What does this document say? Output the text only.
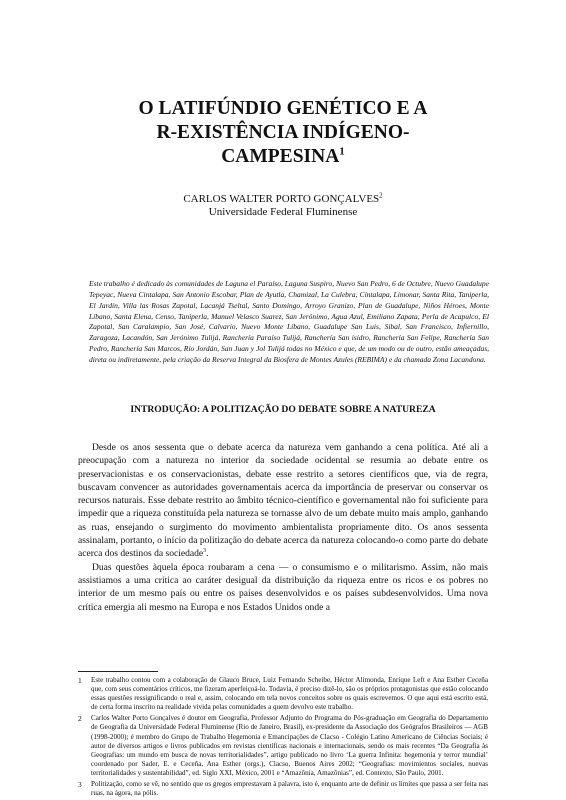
O LATIFÚNDIO GENÉTICO E A
R-EXISTÊNCIA INDÍGENO-
CAMPESINA$^1$
CARLOS WALTER PORTO GONÇALVES$^2$
Universidade Federal Fluminense
Este trabalho é dedicado às comunidades de Laguna el Paraíso, Laguna Suspiro, Nuevo San Pedro, 6 de Octubre, Nuevo Guadalupe Tepeyac, Nueva Cintalapa, San Antonio Escobar, Plan de Ayutla, Chamizal, La Culebra, Cintalapa, Limonar, Santa Rita, Taniperla, El Jardín, Villa las Rosas Zapotal, Lacanjá Tseltal, Santo Domingo, Arroyo Granizo, Plan de Guadalupe, Niños Héroes, Monte Líbano, Santa Elena, Censo, Taniperla, Manuel Velasco Suarez, San Jerónimo, Agua Azul, Emiliano Zapata, Perla de Acapulco, El Zapotal, San Caralampio, San José, Calvario, Nuevo Monte Líbano, Guadalupe San Luis, Sibal, San Francisco, Infiernillo, Zaragoza, Lacandón, San Jerónimo Tulijá, Ranchería Paraíso Tulijá, Ranchería San isidro, Ranchería San Felipe, Ranchería San Pedro, Ranchería San Marcos, Río Jordán, San Juan y Jol Tulijá todas no México e que, de um modo ou de outro, estão ameaçadas, direta ou indiretamente, pela criação da Reserva Integral da Biosfera de Montes Azules (REBIMA) e da chamada Zona Lacandona.
INTRODUÇÃO: A POLITIZAÇÃO DO DEBATE SOBRE A NATUREZA

Desde os anos sessenta que o debate acerca da natureza vem ganhando a cena política. Até ali a preocupação com a natureza no interior da sociedade ocidental se resumia ao debate entre os preservacionistas e os conservacionistas, debate esse restrito a setores científicos que, via de regra, buscavam convencer as autoridades governamentais acerca da importância de preservar ou conservar os recursos naturais. Esse debate restrito ao âmbito técnico-científico e governamental não foi suficiente para impedir que a riqueza constituída pela natureza se tornasse alvo de um debate muito mais amplo, ganhando as ruas, ensejando o surgimento do movimento ambientalista propriamente dito. Os anos sessenta assinalam, portanto, o início da politização do debate acerca da natureza colocando-o como parte do debate acerca dos destinos da sociedade$^3$.

Duas questões àquela época roubaram a cena — o consumismo e o militarismo. Assim, não mais assistiamos a uma crítica ao caráter desigual da distribuição da riqueza entre os ricos e os pobres no interior de um mesmo país ou entre os países desenvolvidos e os países subdesenvolvidos. Uma nova crítica emergia ali mesmo na Europa e nos Estados Unidos onde a

1 Este trabalho contou com a colaboração de Glauco Bruce, Luiz Fernando Scheibe, Héctor Alimonda, Enrique Left e Ana Esther Ceceña que, com seus comentários críticos, me fizeram aperfeiçoá-lo. Todavia, é preciso dizê-lo, são os próprios protagonistas que estão colocando essas questões ressignificando o real e, assim, colocando em tela novos conceitos sobre os quais escrevemos. O que aqui está escrito está, de certa forma inscrito na realidade vivida pelas comunidades a quem devolvo este trabalho.
2 Carlos Walter Porto Gonçalves é doutor em Geografia, Professor Adjunto do Programa do Pós-graduação em Geografia do Departamento de Geografia da Universidade Federal Fluminense (Rio de Janeiro, Brasil), ex-presidente da Associação dos Geógrafos Brasileiros — AGB (1998-2000); é membro do Grupo de Trabalho Hegemonia e Emancipações de Clacso - Colégio Latino Americano de Ciências Sociais; é autor de diversos artigos e livros publicados em revistas científicas nacionais e internacionais, sendo os mais recentes “Da Geografia às Geografias: um mundo em busca de novas territorialidades”, artigo publicado no livro ‘La guerra Infinita: hegemonía y terror mundial’ coordenado por Sader, E. e Ceceña, Ana Esther (orgs.), Clacso, Buenos Aires 2002; “Geografias: movimientos sociales, nuevas territorialidades y sustentabilidad”, ed. Siglo XXI, México, 2001 e “Amazônia, Amazônias”, ed. Contexto, São Paulo, 2001.
3 Politização, como se vê, no sentido que os gregos emprestavam à palavra, isto é, enquanto arte de definir os limites que passa a ser feita nas ruas, na ágora, na pólis.
